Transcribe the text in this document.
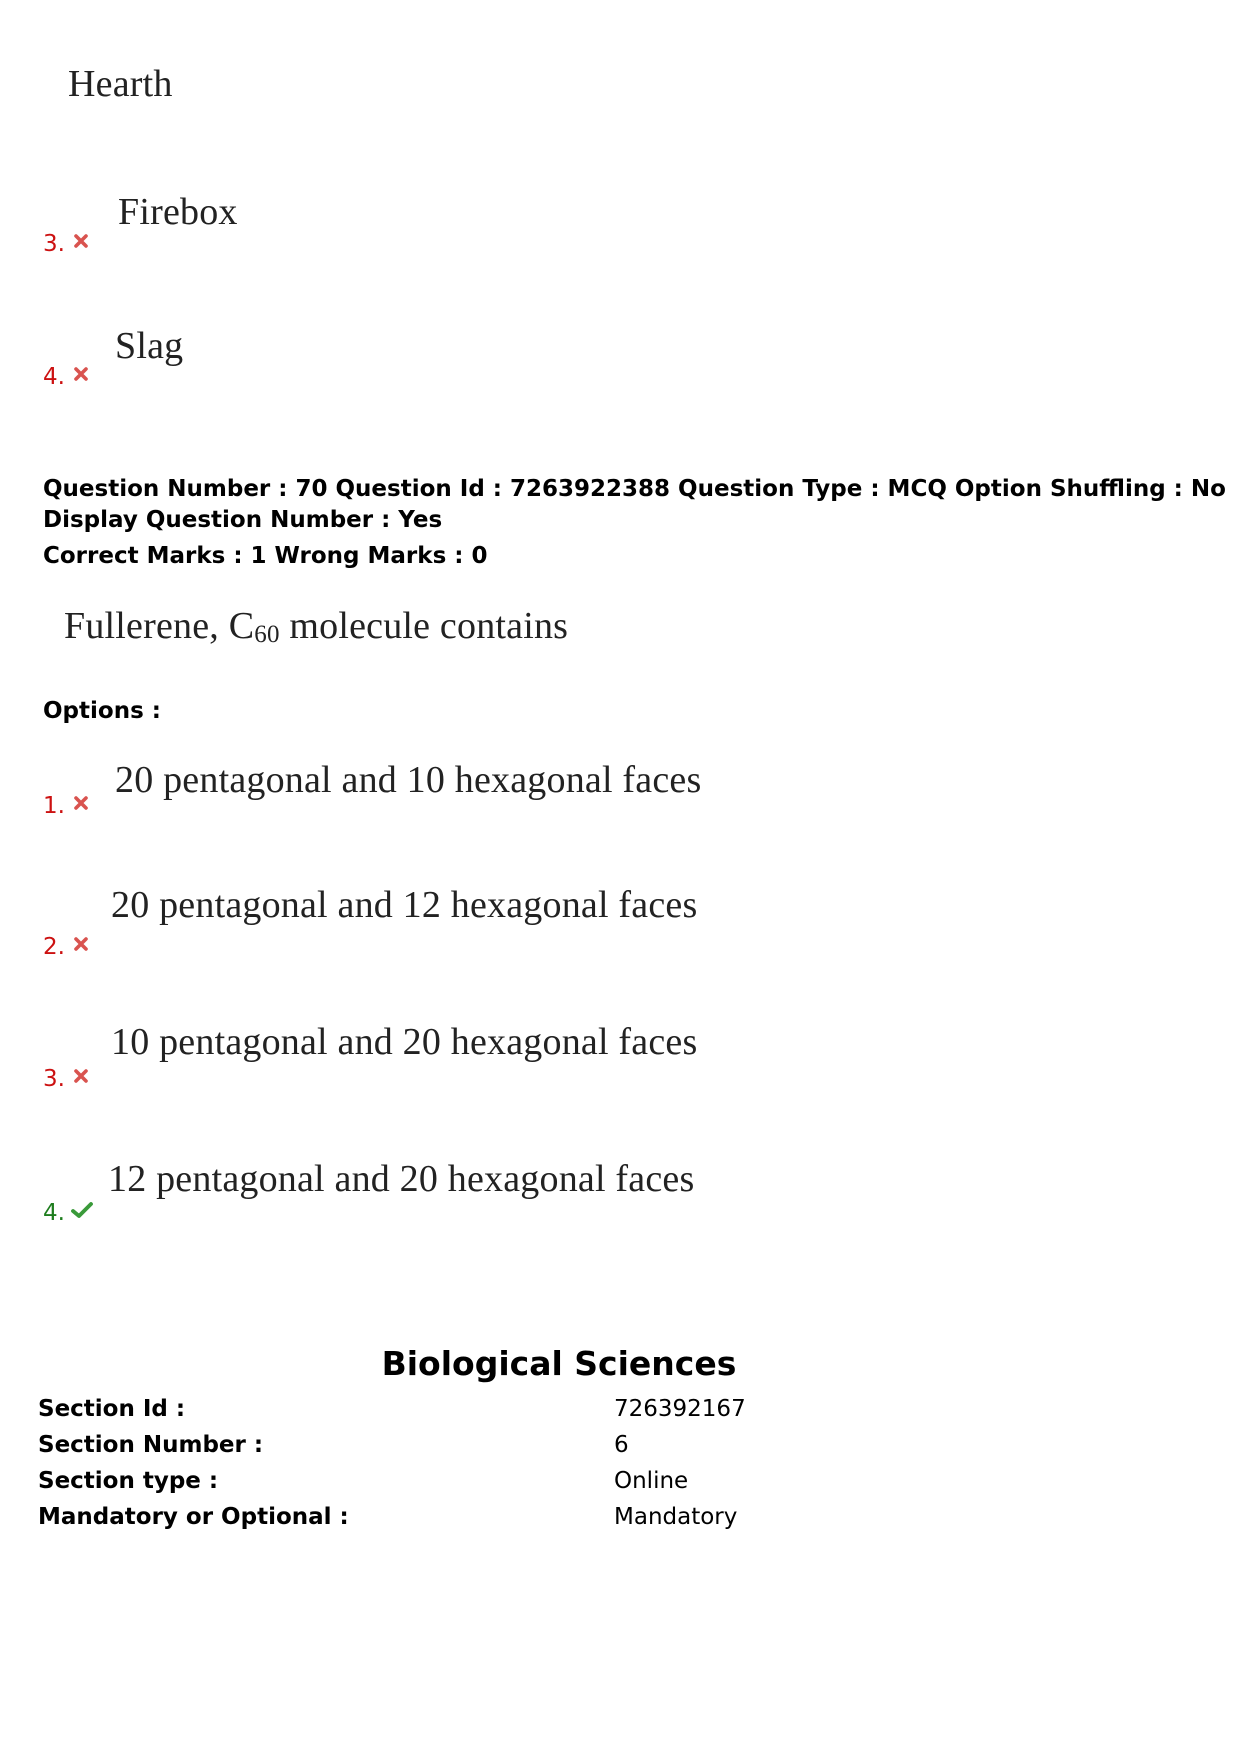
Hearth
Firebox
3.
Slag
4.
Question Number : 70 Question Id : 7263922388 Question Type : MCQ Option Shuffling : No
Display Question Number : Yes
Correct Marks : 1 Wrong Marks : 0
Fullerene, $C_{60}$ molecule contains
Options :
20 pentagonal and 10 hexagonal faces
1.
20 pentagonal and 12 hexagonal faces
2.
10 pentagonal and 20 hexagonal faces
3.
12 pentagonal and 20 hexagonal faces
4.
Biological Sciences
Section Id :	726392167
Section Number :	6
Section type :	Online
Mandatory or Optional :	Mandatory
